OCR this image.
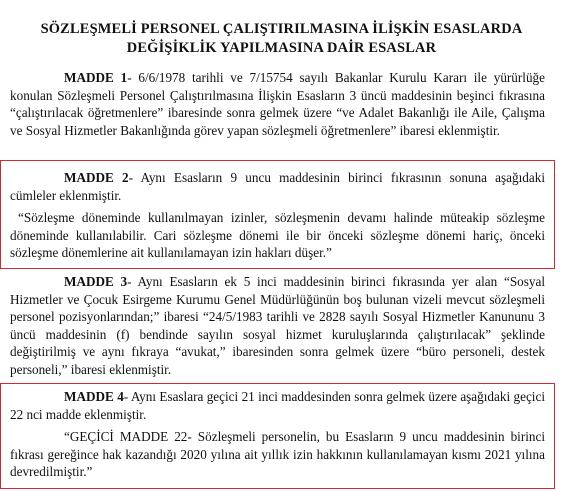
SÖZLEŞMELİ PERSONEL ÇALIŞTIRILMASINA İLİŞKİN ESASLARDA
DEĞİŞİKLİK YAPILMASINA DAİR ESASLAR

MADDE 1- 6/6/1978 tarihli ve 7/15754 sayılı Bakanlar Kurulu Kararı ile yürürlüğe konulan Sözleşmeli Personel Çalıştırılmasına İlişkin Esasların 3 üncü maddesinin beşinci fıkrasına “çalıştırılacak öğretmenlere” ibaresinde sonra gelmek üzere “ve Adalet Bakanlığı ile Aile, Çalışma ve Sosyal Hizmetler Bakanlığında görev yapan sözleşmeli öğretmenlere” ibaresi eklenmiştir.

MADDE 2- Aynı Esasların 9 uncu maddesinin birinci fıkrasının sonuna aşağıdaki cümleler eklenmiştir.

“Sözleşme döneminde kullanılmayan izinler, sözleşmenin devamı halinde müteakip sözleşme döneminde kullanılabilir. Cari sözleşme dönemi ile bir önceki sözleşme dönemi hariç, önceki sözleşme dönemlerine ait kullanılamayan izin hakları düşer.”

MADDE 3- Aynı Esasların ek 5 inci maddesinin birinci fıkrasında yer alan “Sosyal Hizmetler ve Çocuk Esirgeme Kurumu Genel Müdürlüğünün boş bulunan vizeli mevcut sözleşmeli personel pozisyonlarından;” ibaresi “24/5/1983 tarihli ve 2828 sayılı Sosyal Hizmetler Kanununu 3 üncü maddesinin (f) bendinde sayılın sosyal hizmet kuruluşlarında çalıştırılacak” şeklinde değiştirilmiş ve aynı fıkraya “avukat,” ibaresinden sonra gelmek üzere “büro personeli, destek personeli,” ibaresi eklenmiştir.

MADDE 4- Aynı Esaslara geçici 21 inci maddesinden sonra gelmek üzere aşağıdaki geçici 22 nci madde eklenmiştir.

“GEÇİCİ MADDE 22- Sözleşmeli personelin, bu Esasların 9 uncu maddesinin birinci fıkrası gereğince hak kazandığı 2020 yılına ait yıllık izin hakkının kullanılamayan kısmı 2021 yılına devredilmiştir.”
